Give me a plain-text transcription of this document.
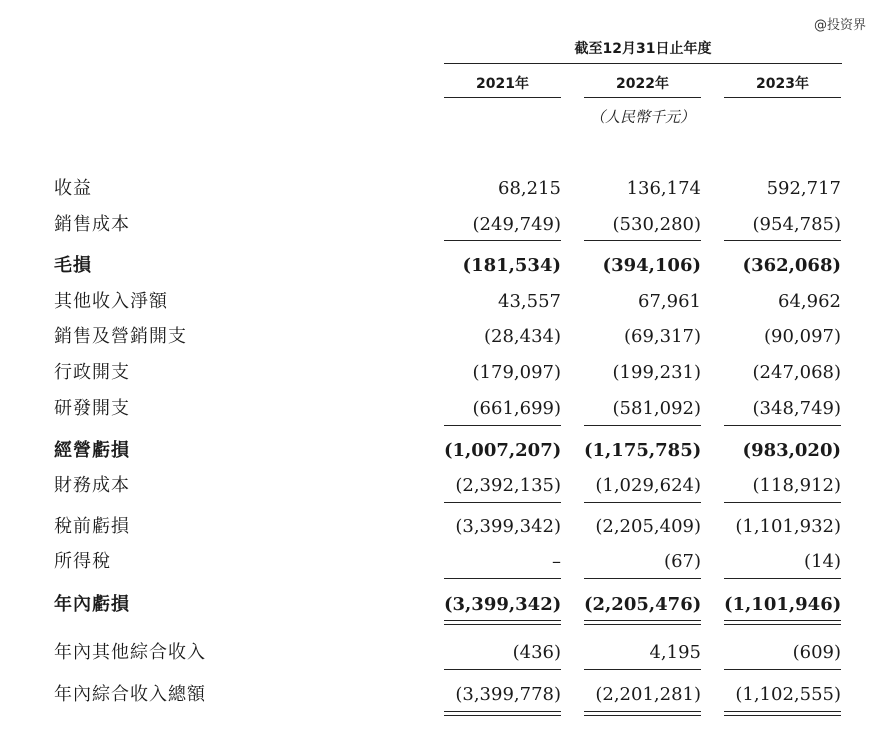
@投资界
截至12月31日止年度
2021年	2022年	2023年
（人民幣千元）
收益 . . .	68,215	136,174	592,717
銷售成本 . . .	(249,749)	(530,280)	(954,785)
毛損 . . .	(181,534)	(394,106)	(362,068)
其他收入淨額 . . .	43,557	67,961	64,962
銷售及營銷開支 . . .	(28,434)	(69,317)	(90,097)
行政開支 . . .	(179,097)	(199,231)	(247,068)
研發開支 . . .	(661,699)	(581,092)	(348,749)
經營虧損 . . .	(1,007,207) (1,175,785)	(983,020)
財務成本 . . .	(2,392,135)	(1,029,624)	(118,912)
稅前虧損 . . .	(3,399,342)	(2,205,409)	(1,101,932)
所得稅 . . .	–	(67)	(14)
年內虧損 . . .	(3,399,342) (2,205,476) (1,101,946)
年內其他綜合收入 . . .	(436)	4,195	(609)
年內綜合收入總額 . . .	(3,399,778)	(2,201,281)	(1,102,555)
